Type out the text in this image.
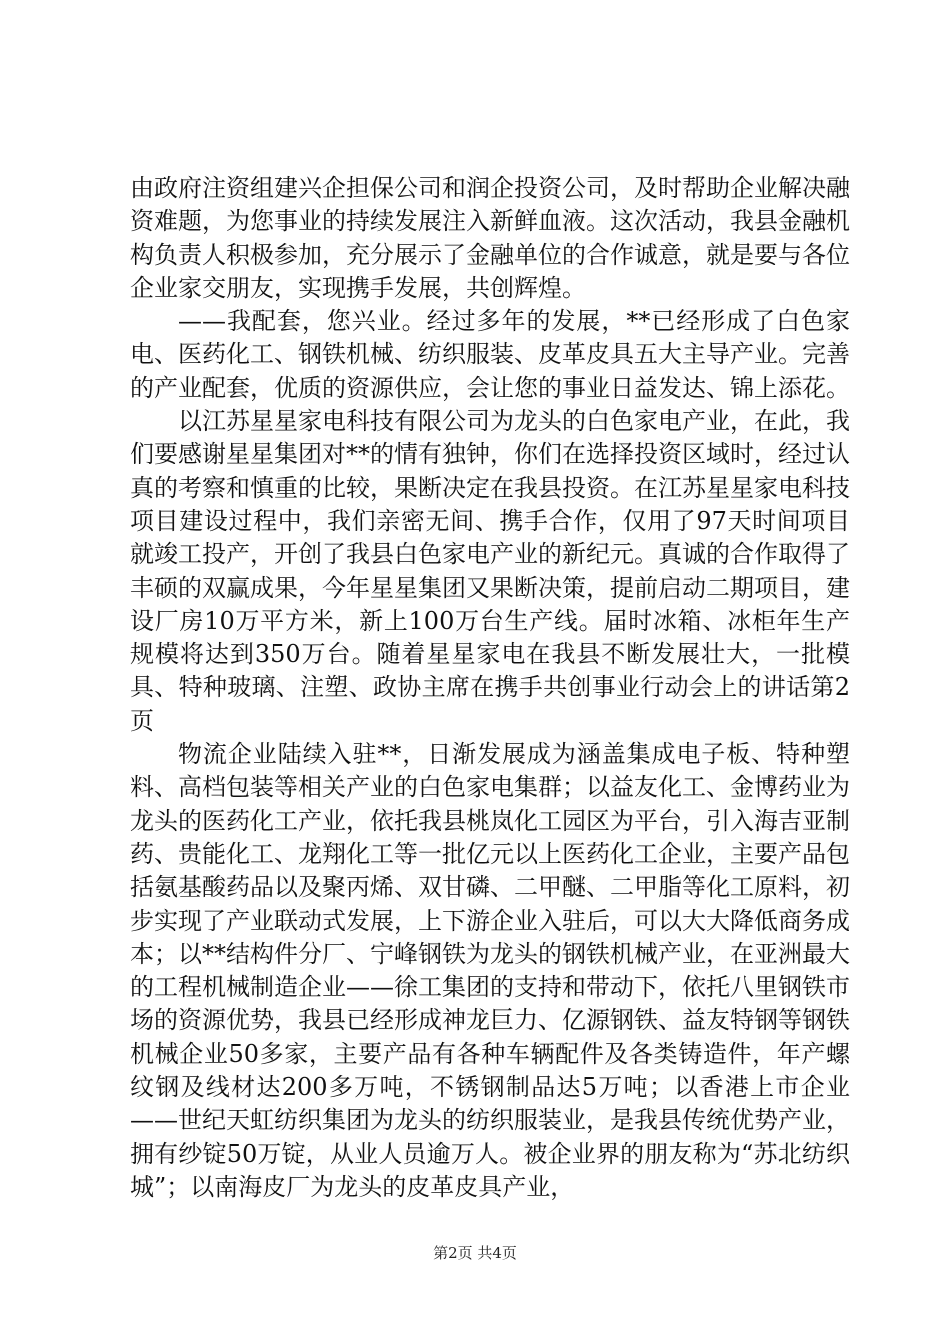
由政府注资组建兴企担保公司和润企投资公司，及时帮助企业解决融资难题，为您事业的持续发展注入新鲜血液。这次活动，我县金融机构负责人积极参加，充分展示了金融单位的合作诚意，就是要与各位企业家交朋友，实现携手发展，共创辉煌。

——我配套，您兴业。经过多年的发展，**已经形成了白色家电、医药化工、钢铁机械、纺织服装、皮革皮具五大主导产业。完善的产业配套，优质的资源供应，会让您的事业日益发达、锦上添花。

以江苏星星家电科技有限公司为龙头的白色家电产业，在此，我们要感谢星星集团对**的情有独钟，你们在选择投资区域时，经过认真的考察和慎重的比较，果断决定在我县投资。在江苏星星家电科技项目建设过程中，我们亲密无间、携手合作，仅用了97天时间项目就竣工投产，开创了我县白色家电产业的新纪元。真诚的合作取得了丰硕的双赢成果，今年星星集团又果断决策，提前启动二期项目，建设厂房10万平方米，新上100万台生产线。届时冰箱、冰柜年生产规模将达到350万台。随着星星家电在我县不断发展壮大，一批模具、特种玻璃、注塑、政协主席在携手共创事业行动会上的讲话第2页

物流企业陆续入驻**，日渐发展成为涵盖集成电子板、特种塑料、高档包装等相关产业的白色家电集群；以益友化工、金博药业为龙头的医药化工产业，依托我县桃岚化工园区为平台，引入海吉亚制药、贵能化工、龙翔化工等一批亿元以上医药化工企业，主要产品包括氨基酸药品以及聚丙烯、双甘磷、二甲醚、二甲脂等化工原料，初步实现了产业联动式发展，上下游企业入驻后，可以大大降低商务成本；以**结构件分厂、宁峰钢铁为龙头的钢铁机械产业，在亚洲最大的工程机械制造企业——徐工集团的支持和带动下，依托八里钢铁市场的资源优势，我县已经形成神龙巨力、亿源钢铁、益友特钢等钢铁机械企业50多家，主要产品有各种车辆配件及各类铸造件，年产螺纹钢及线材达200多万吨，不锈钢制品达5万吨；以香港上市企业——世纪天虹纺织集团为龙头的纺织服装业，是我县传统优势产业，拥有纱锭50万锭，从业人员逾万人。被企业界的朋友称为“苏北纺织城”；以南海皮厂为龙头的皮革皮具产业，

第2页 共4页
